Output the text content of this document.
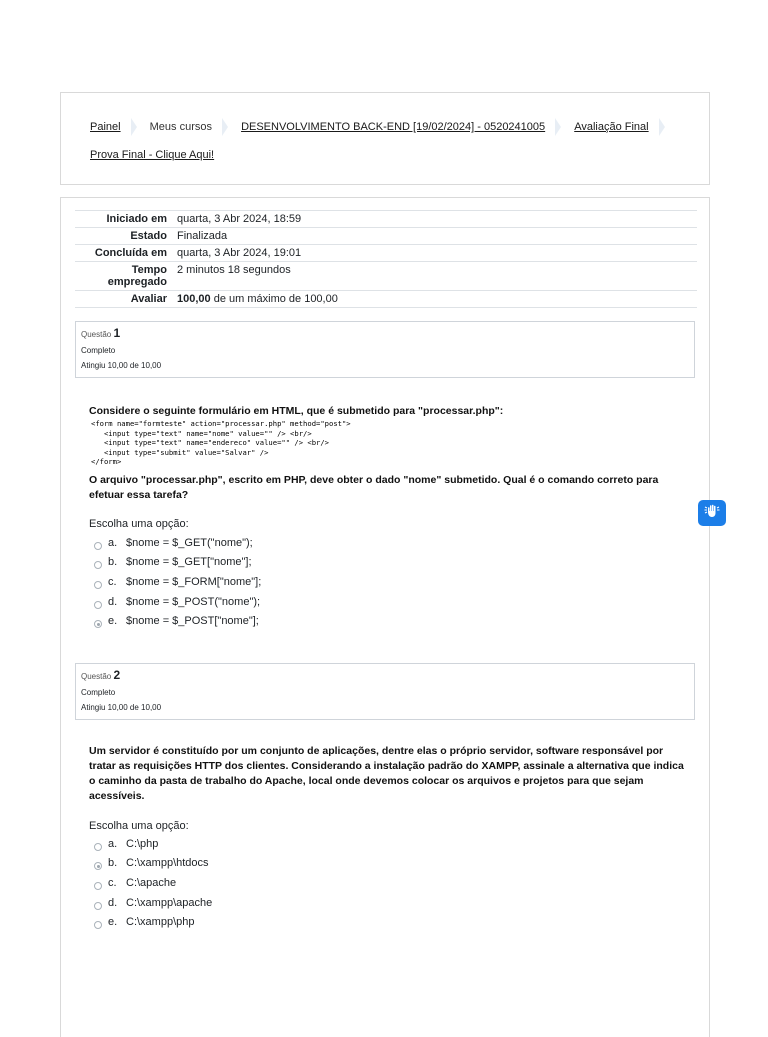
Painel	Meus cursos	DESENVOLVIMENTO BACK-END [19/02/2024] - 0520241005	Avaliação Final
Prova Final - Clique Aqui!
Iniciado em	quarta, 3 Abr 2024, 18:59
Estado	Finalizada
Concluída em	quarta, 3 Abr 2024, 19:01
Tempo empregado	2 minutos 18 segundos
Avaliar	100,00 de um máximo de 100,00
Questão 1
Completo
Atingiu 10,00 de 10,00
Considere o seguinte formulário em HTML, que é submetido para "processar.php":
<form name="formteste" action="processar.php" method="post">
<input type="text" name="nome" value="" /> <br/>
<input type="text" name="endereco" value="" /> <br/>
<input type="submit" value="Salvar" />
</form>
O arquivo "processar.php", escrito em PHP, deve obter o dado "nome" submetido. Qual é o comando correto para efetuar essa tarefa?
Escolha uma opção:
a. $nome = $_GET("nome");
b. $nome = $_GET["nome"];
c. $nome = $_FORM["nome"];
d. $nome = $_POST("nome");
e. $nome = $_POST["nome"];
Questão 2
Completo
Atingiu 10,00 de 10,00
Um servidor é constituído por um conjunto de aplicações, dentre elas o próprio servidor, software responsável por tratar as requisições HTTP dos clientes. Considerando a instalação padrão do XAMPP, assinale a alternativa que indica o caminho da pasta de trabalho do Apache, local onde devemos colocar os arquivos e projetos para que sejam acessíveis.
Escolha uma opção:
a. C:\php
b. C:\xampp\htdocs
c. C:\apache
d. C:\xampp\apache
e. C:\xampp\php
